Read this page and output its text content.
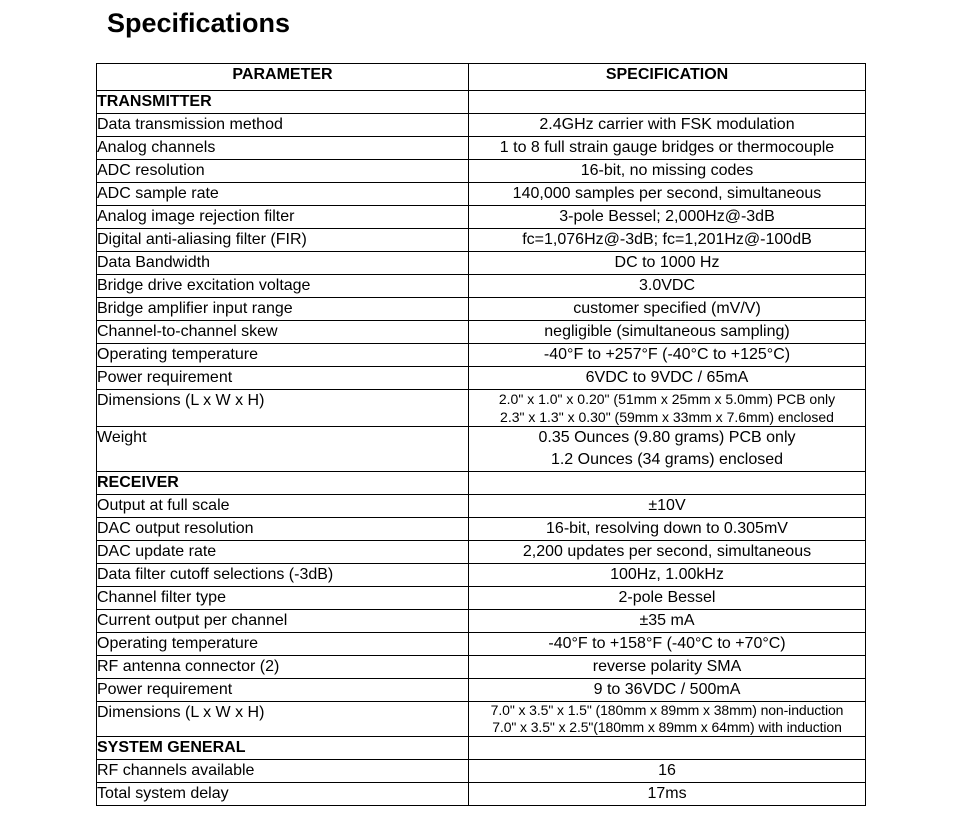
Specifications
PARAMETER	SPECIFICATION
TRANSMITTER	
Data transmission method	2.4GHz carrier with FSK modulation

Analog channels	1 to 8 full strain gauge bridges or thermocouple

ADC resolution	16-bit, no missing codes

ADC sample rate	140,000 samples per second, simultaneous

Analog image rejection filter	3-pole Bessel; 2,000Hz@-3dB

Digital anti-aliasing filter (FIR)	fc=1,076Hz@-3dB; fc=1,201Hz@-100dB

Data Bandwidth	DC to 1000 Hz

Bridge drive excitation voltage	3.0VDC

Bridge amplifier input range	customer specified (mV/V)

Channel-to-channel skew	negligible (simultaneous sampling)

Operating temperature	-40°F to +257°F (-40°C to +125°C)

Power requirement	6VDC to 9VDC / 65mA

Dimensions (L x W x H)	2.0" x 1.0" x 0.20" (51mm x 25mm x 5.0mm) PCB only
2.3" x 1.3" x 0.30" (59mm x 33mm x 7.6mm) enclosed

Weight	0.35 Ounces (9.80 grams) PCB only
1.2 Ounces (34 grams) enclosed

RECEIVER	
Output at full scale	±10V

DAC output resolution	16-bit, resolving down to 0.305mV

DAC update rate	2,200 updates per second, simultaneous

Data filter cutoff selections (-3dB)	100Hz, 1.00kHz

Channel filter type	2-pole Bessel

Current output per channel	±35 mA

Operating temperature	-40°F to +158°F (-40°C to +70°C)

RF antenna connector (2)	reverse polarity SMA

Power requirement	9 to 36VDC / 500mA

Dimensions (L x W x H)	7.0" x 3.5" x 1.5" (180mm x 89mm x 38mm) non-induction
7.0" x 3.5" x 2.5"(180mm x 89mm x 64mm) with induction

SYSTEM GENERAL	
RF channels available	16

Total system delay	17ms
